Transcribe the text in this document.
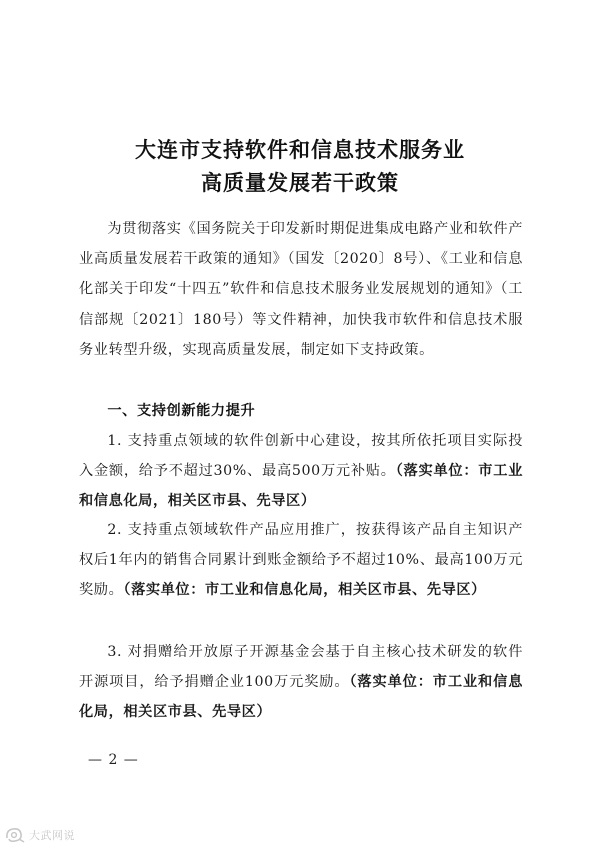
大连市支持软件和信息技术服务业
高质量发展若干政策

为贯彻落实《国务院关于印发新时期促进集成电路产业和软件产业高质量发展若干政策的通知》（国发〔2020〕8号）、《工业和信息化部关于印发“十四五”软件和信息技术服务业发展规划的通知》（工信部规〔2021〕180号）等文件精神，加快我市软件和信息技术服务业转型升级，实现高质量发展，制定如下支持政策。

一、支持创新能力提升

1. 支持重点领域的软件创新中心建设，按其所依托项目实际投入金额，给予不超过30%、最高500万元补贴。（落实单位：市工业和信息化局，相关区市县、先导区）

2. 支持重点领域软件产品应用推广，按获得该产品自主知识产权后1年内的销售合同累计到账金额给予不超过10%、最高100万元奖励。（落实单位：市工业和信息化局，相关区市县、先导区）

3. 对捐赠给开放原子开源基金会基于自主核心技术研发的软件开源项目，给予捐赠企业100万元奖励。（落实单位：市工业和信息化局，相关区市县、先导区）

— 2 —
大武网说
